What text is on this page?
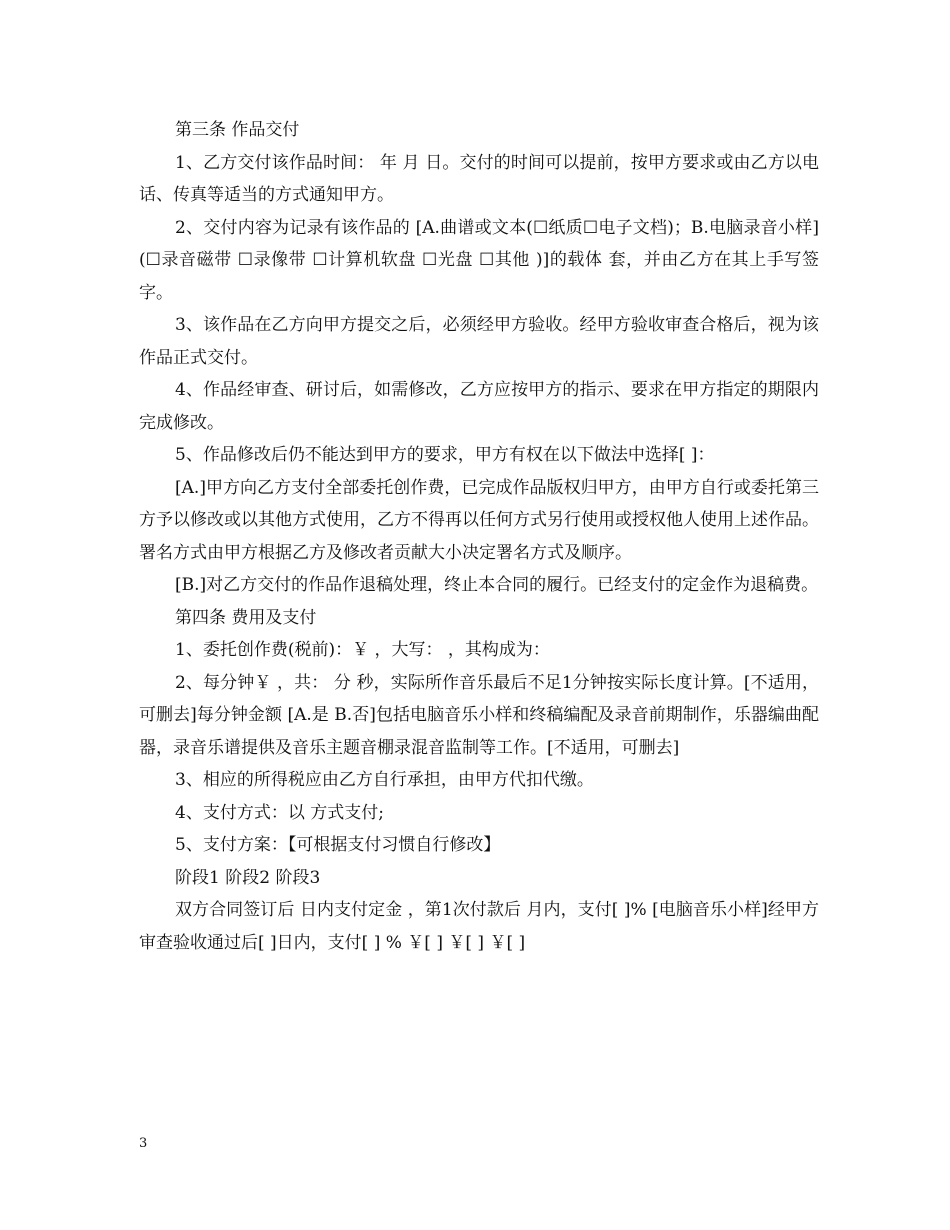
第三条 作品交付

1、乙方交付该作品时间： 年 月 日。交付的时间可以提前，按甲方要求或由乙方以电话、传真等适当的方式通知甲方。

2、交付内容为记录有该作品的 [A.曲谱或文本(☐纸质☐电子文档)；B.电脑录音小样](☐录音磁带 ☐录像带 ☐计算机软盘 ☐光盘 ☐其他 )]的载体 套，并由乙方在其上手写签字。

3、该作品在乙方向甲方提交之后，必须经甲方验收。经甲方验收审查合格后，视为该作品正式交付。

4、作品经审查、研讨后，如需修改，乙方应按甲方的指示、要求在甲方指定的期限内完成修改。

5、作品修改后仍不能达到甲方的要求，甲方有权在以下做法中选择[ ]：

[A.]甲方向乙方支付全部委托创作费，已完成作品版权归甲方，由甲方自行或委托第三方予以修改或以其他方式使用，乙方不得再以任何方式另行使用或授权他人使用上述作品。署名方式由甲方根据乙方及修改者贡献大小决定署名方式及顺序。

[B.]对乙方交付的作品作退稿处理，终止本合同的履行。已经支付的定金作为退稿费。

第四条 费用及支付

1、委托创作费(税前)：￥ ，大写： ，其构成为：

2、每分钟￥ ，共： 分 秒，实际所作音乐最后不足1分钟按实际长度计算。[不适用，可删去]每分钟金额 [A.是 B.否]包括电脑音乐小样和终稿编配及录音前期制作，乐器编曲配器，录音乐谱提供及音乐主题音棚录混音监制等工作。[不适用，可删去]

3、相应的所得税应由乙方自行承担，由甲方代扣代缴。

4、支付方式：以 方式支付;

5、支付方案：【可根据支付习惯自行修改】

阶段1 阶段2 阶段3

双方合同签订后 日内支付定金 ，第1次付款后 月内，支付[ ]% [电脑音乐小样]经甲方审查验收通过后[ ]日内，支付[ ] % ￥[ ] ￥[ ] ￥[ ]

3
